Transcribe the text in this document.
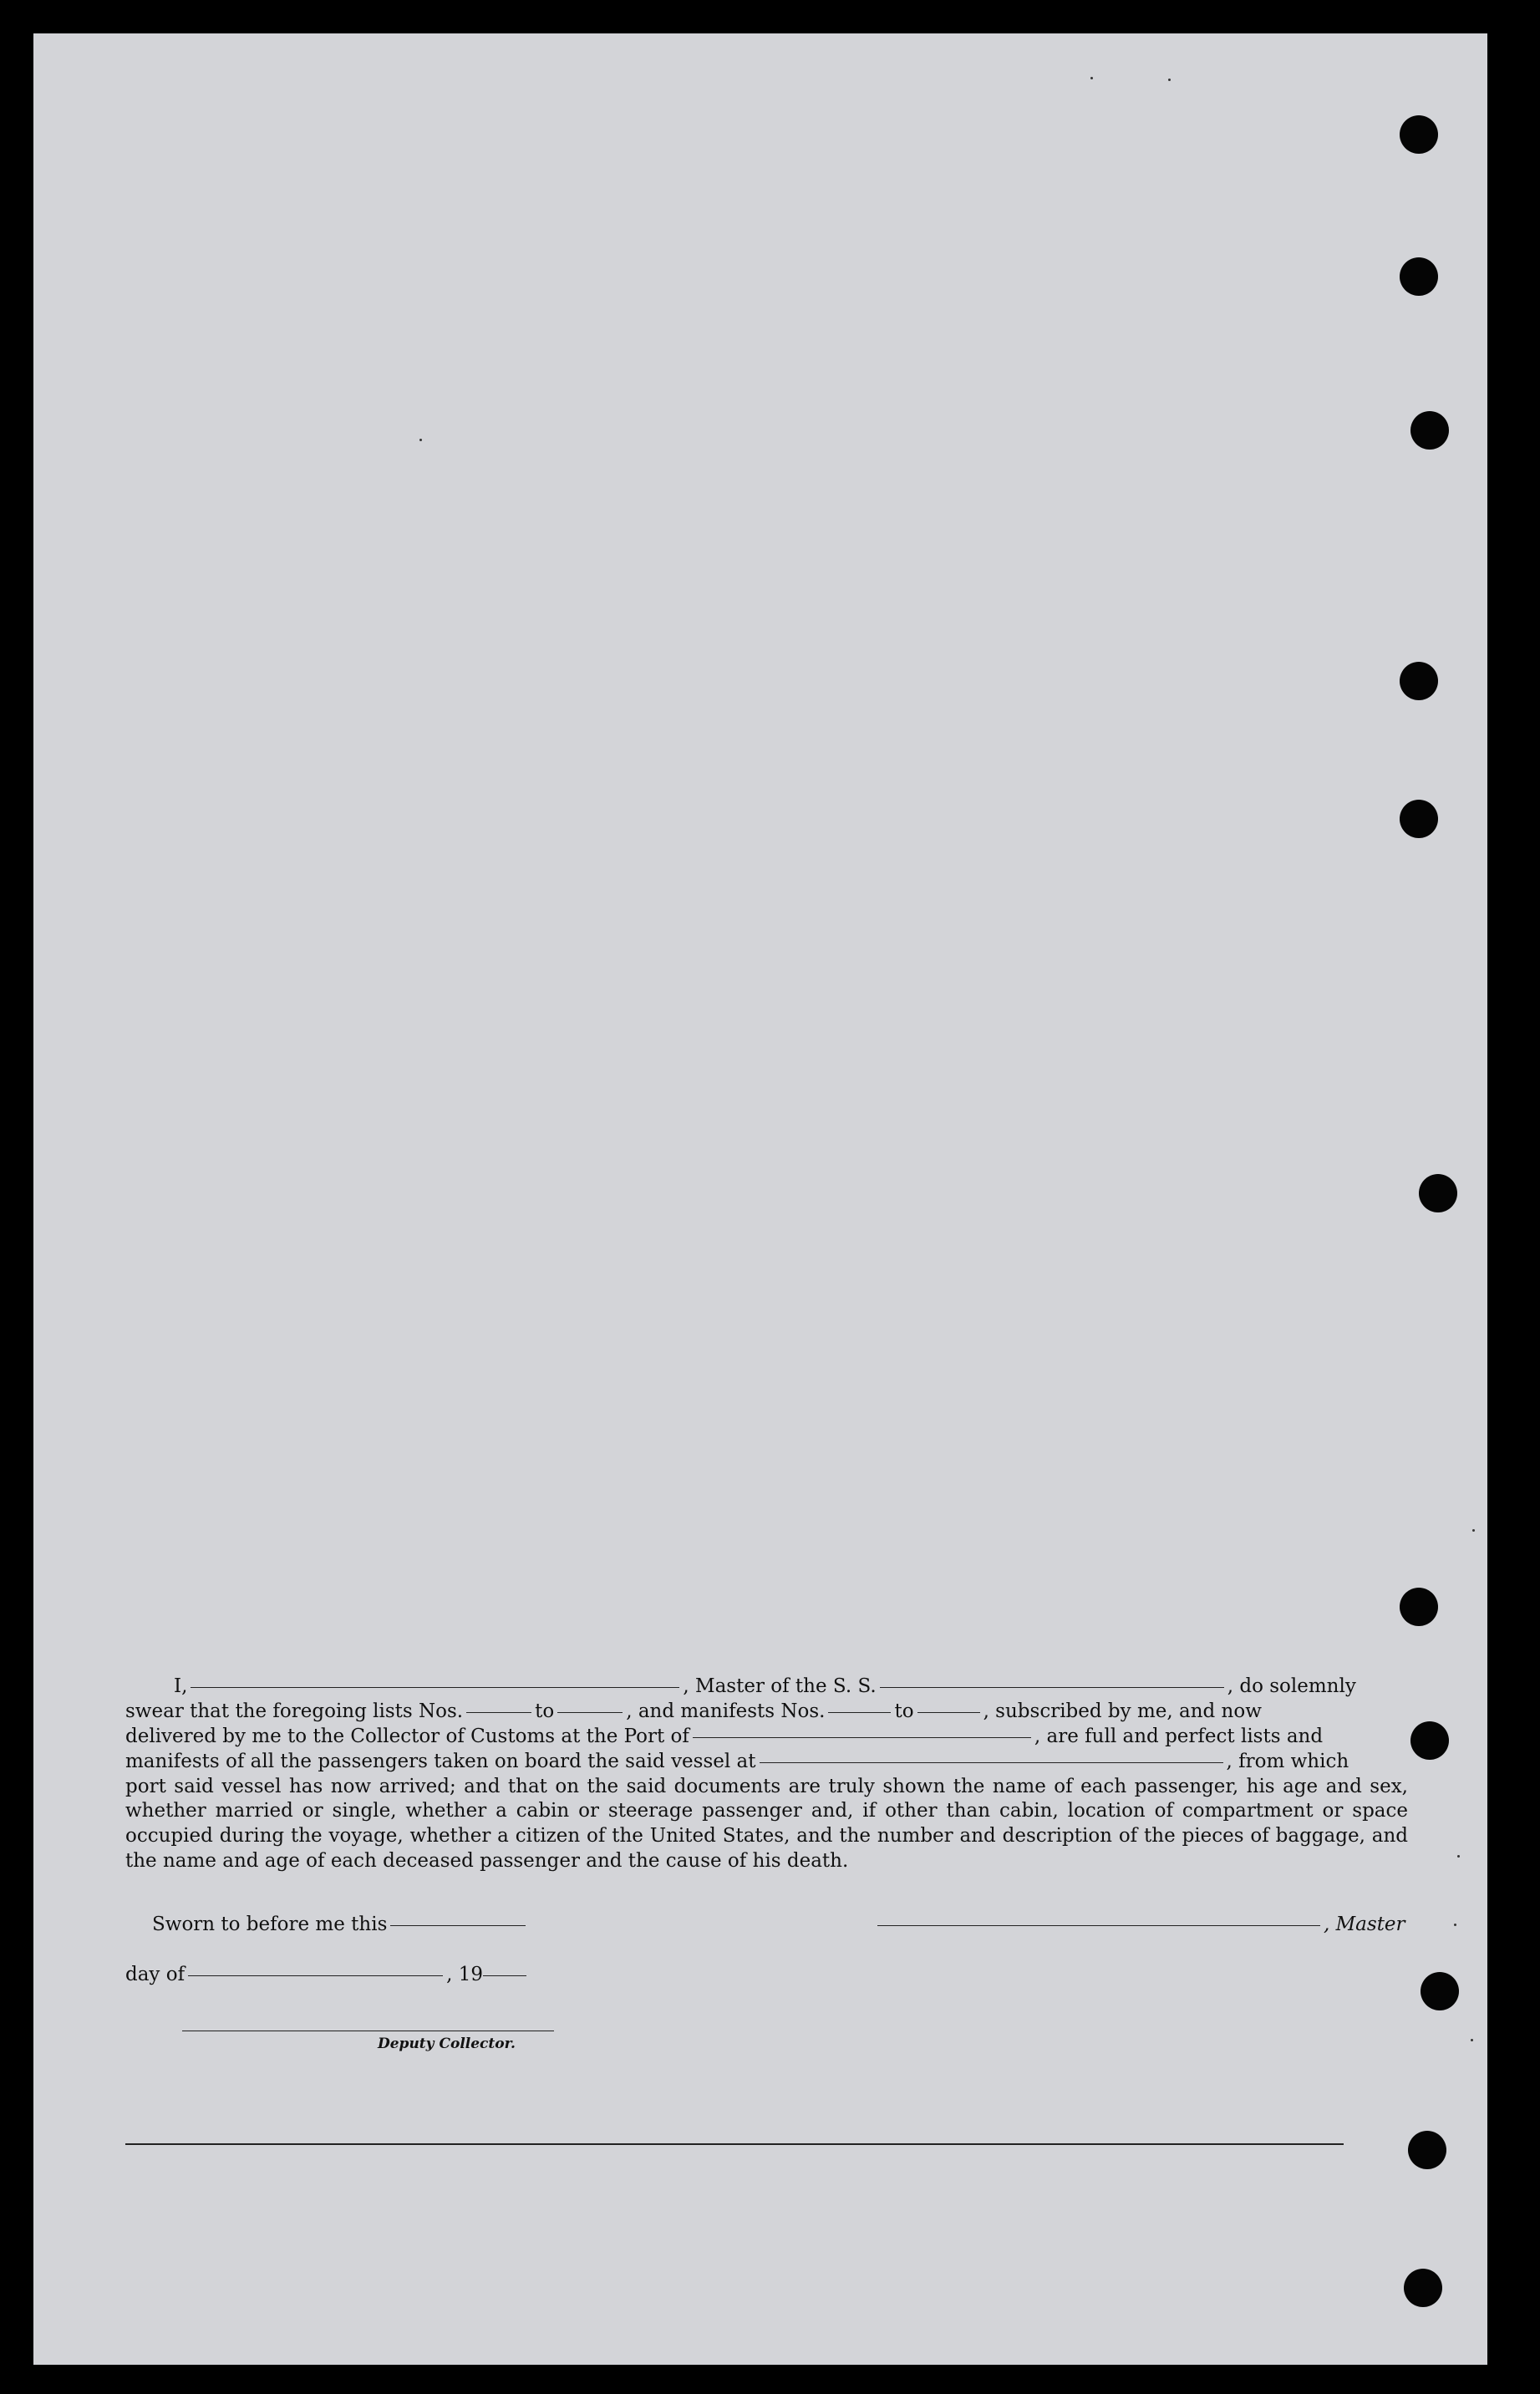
I,	, Master of the S. S.	, do solemnly

swear that the foregoing lists Nos.	to	, and manifests Nos.	to	, subscribed by me, and now
delivered by me to the Collector of Customs at the Port of	, are full and perfect lists and
manifests of all the passengers taken on board the said vessel at	, from which
port said vessel has now arrived; and that on the said documents are truly shown the name of each passenger, his age and sex, whether married or single, whether a cabin or steerage passenger and, if other than cabin, location of compartment or space occupied during the voyage, whether a citizen of the United States, and the number and description of the pieces of baggage, and the name and age of each deceased passenger and the cause of his death.
Sworn to before me this	, Master
day of	, 19
Deputy Collector.
